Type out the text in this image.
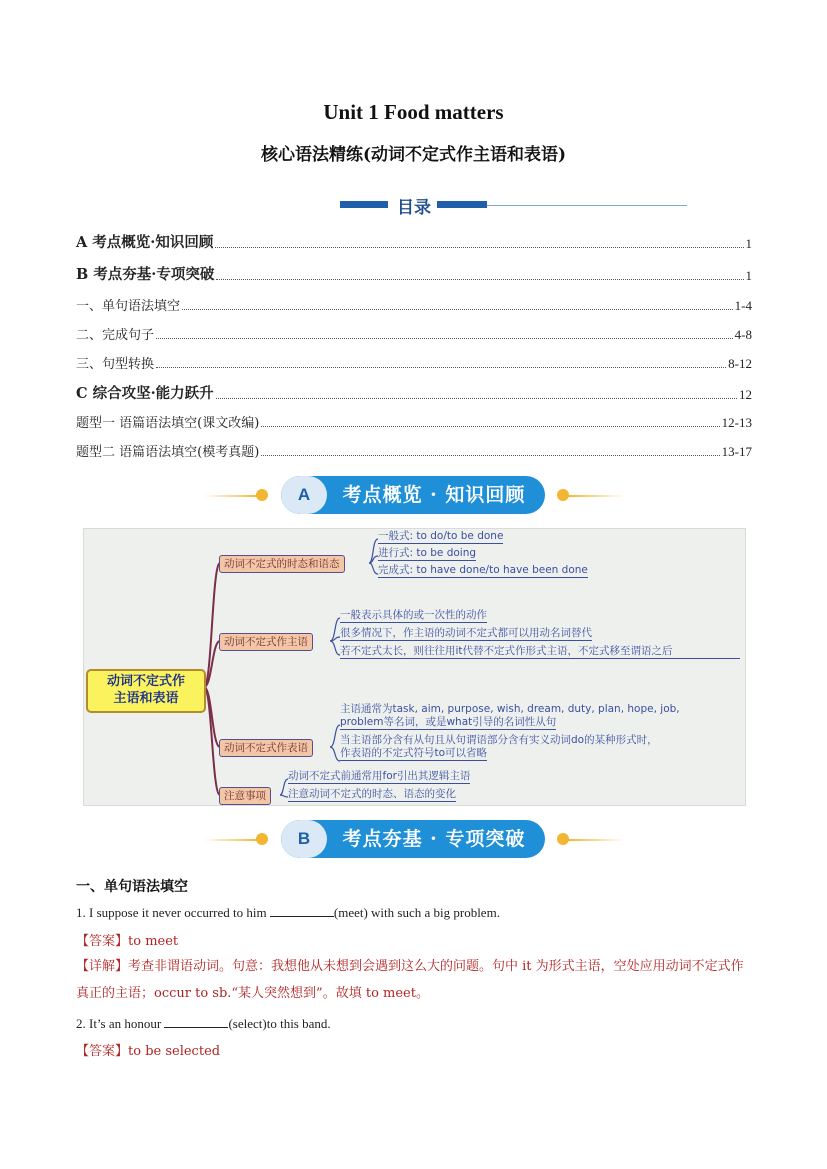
Unit 1 Food matters
核心语法精练(动词不定式作主语和表语)
目录
A 考点概览·知识回顾	1
B 考点夯基·专项突破	1
一、单句语法填空	1-4
二、完成句子	4-8
三、句型转换	8-12
C 综合攻坚·能力跃升	12
题型一 语篇语法填空(课文改编)	12-13
题型二 语篇语法填空(模考真题)	13-17
A	考点概览 · 知识回顾
动词不定式作
主语和表语
动词不定式的时态和语态
一般式: to do/to be done
进行式: to be doing
完成式: to have done/to have been done
动词不定式作主语
一般表示具体的或一次性的动作
很多情况下，作主语的动词不定式都可以用动名词替代
若不定式太长，则往往用it代替不定式作形式主语，不定式移至谓语之后
动词不定式作表语
主语通常为task, aim, purpose, wish, dream, duty, plan, hope, job,
problem等名词，或是what引导的名词性从句
当主语部分含有从句且从句谓语部分含有实义动词do的某种形式时，
作表语的不定式符号to可以省略
注意事项
动词不定式前通常用for引出其逻辑主语
注意动词不定式的时态、语态的变化
B	考点夯基 · 专项突破
一、单句语法填空
1. I suppose it never occurred to him	(meet) with such a big problem.
【答案】to meet
【详解】考查非谓语动词。句意：我想他从未想到会遇到这么大的问题。句中 it 为形式主语，空处应用动词不定式作真正的主语；occur to sb.“某人突然想到”。故填 to meet。
2. It’s an honour	(select)to this band.
【答案】to be selected
